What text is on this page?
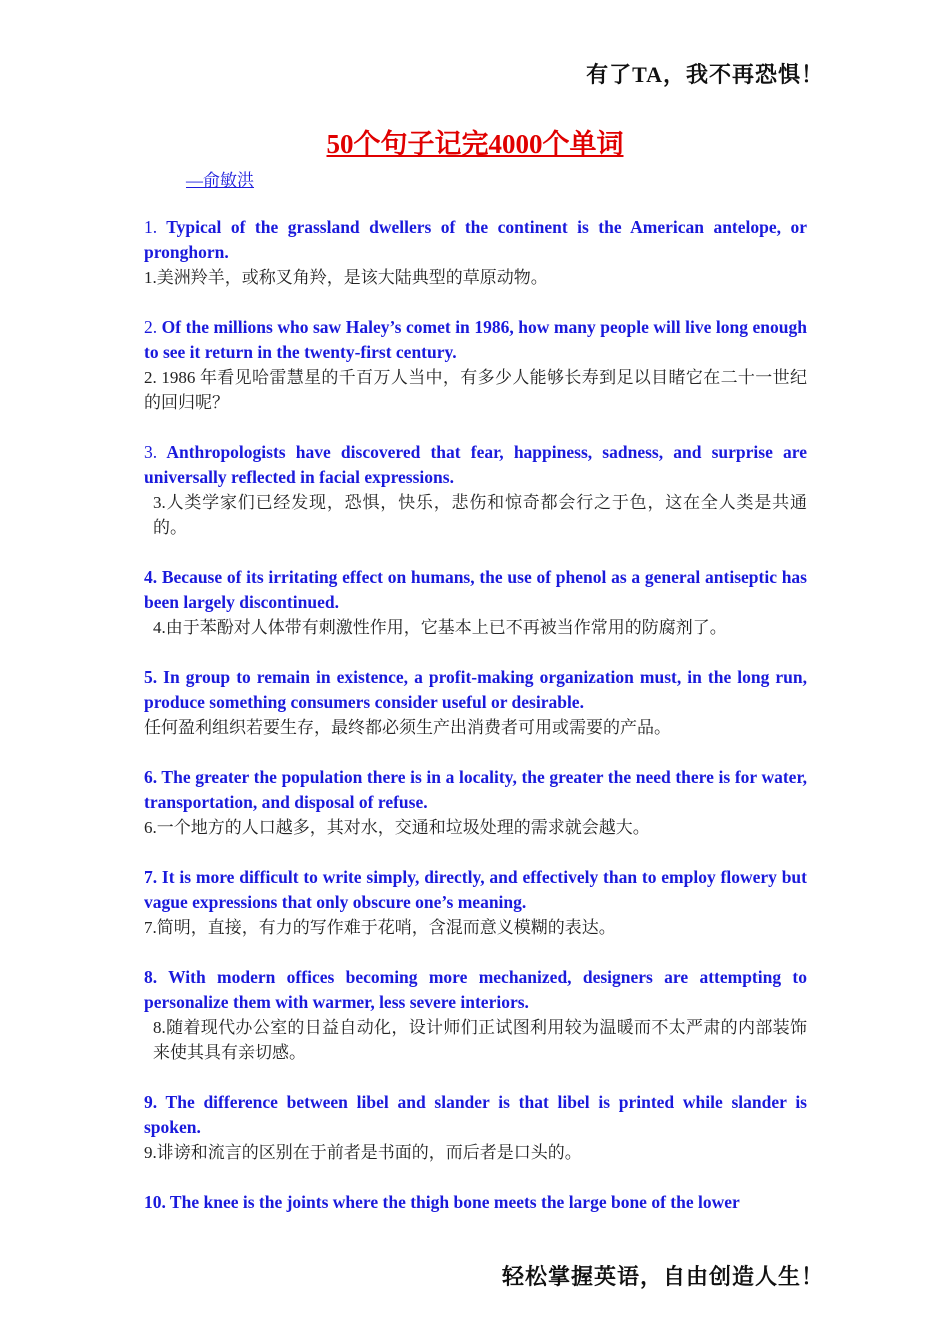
有了TA，我不再恐惧！
50个句子记完4000个单词
—俞敏洪
1. Typical of the grassland dwellers of the continent is the American antelope, or pronghorn.
1.美洲羚羊，或称叉角羚，是该大陆典型的草原动物。
2. Of the millions who saw Haley’s comet in 1986, how many people will live long enough to see it return in the twenty-first century.
2. 1986 年看见哈雷慧星的千百万人当中，有多少人能够长寿到足以目睹它在二十一世纪的回归呢？
3. Anthropologists have discovered that fear, happiness, sadness, and surprise are universally reflected in facial expressions.
3.人类学家们已经发现，恐惧，快乐，悲伤和惊奇都会行之于色，这在全人类是共通的。
4. Because of its irritating effect on humans, the use of phenol as a general antiseptic has been largely discontinued.
4.由于苯酚对人体带有刺激性作用，它基本上已不再被当作常用的防腐剂了。
5. In group to remain in existence, a profit-making organization must, in the long run, produce something consumers consider useful or desirable.
任何盈利组织若要生存，最终都必须生产出消费者可用或需要的产品。
6. The greater the population there is in a locality, the greater the need there is for water, transportation, and disposal of refuse.
6.一个地方的人口越多，其对水，交通和垃圾处理的需求就会越大。
7. It is more difficult to write simply, directly, and effectively than to employ flowery but vague expressions that only obscure one’s meaning.
7.简明，直接，有力的写作难于花哨，含混而意义模糊的表达。
8. With modern offices becoming more mechanized, designers are attempting to personalize them with warmer, less severe interiors.
8.随着现代办公室的日益自动化，设计师们正试图利用较为温暖而不太严肃的内部装饰来使其具有亲切感。
9. The difference between libel and slander is that libel is printed while slander is spoken.
9.诽谤和流言的区别在于前者是书面的，而后者是口头的。
10. The knee is the joints where the thigh bone meets the large bone of the lower
轻松掌握英语，自由创造人生！
